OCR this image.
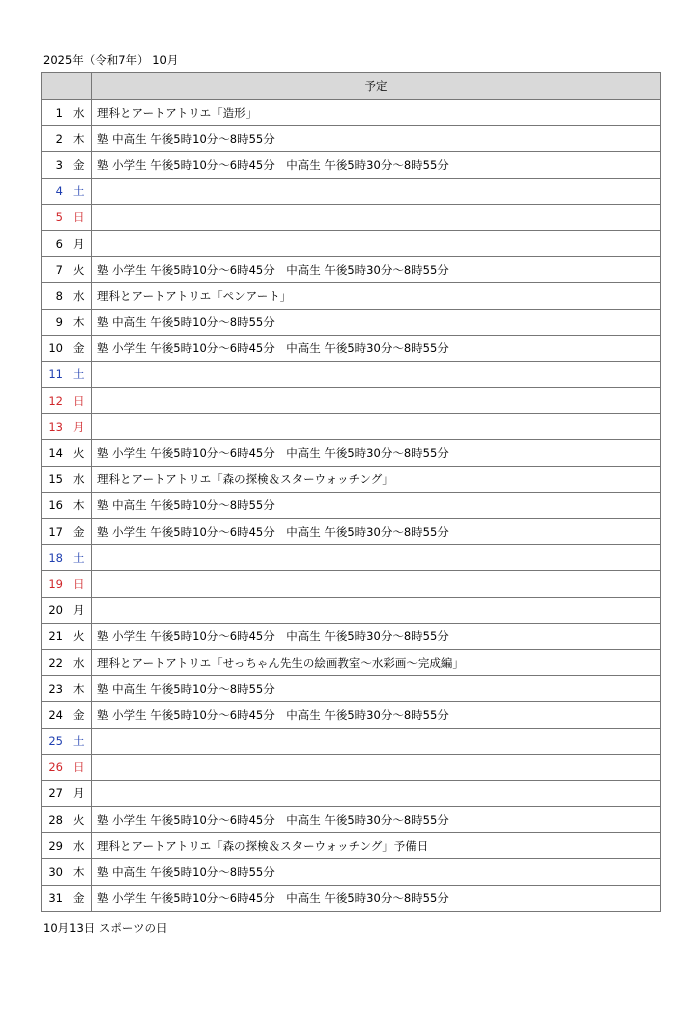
2025年（令和7年） 10月
	予定

1 水	理科とアートアトリエ「造形」

2 木	塾 中高生 午後5時10分～8時55分

3 金	塾 小学生 午後5時10分～6時45分　中高生 午後5時30分～8時55分

4 土	

5 日	

6 月	

7 火	塾 小学生 午後5時10分～6時45分　中高生 午後5時30分～8時55分

8 水	理科とアートアトリエ「ペンアート」

9 木	塾 中高生 午後5時10分～8時55分

10 金	塾 小学生 午後5時10分～6時45分　中高生 午後5時30分～8時55分

11 土	

12 日	

13 月	

14 火	塾 小学生 午後5時10分～6時45分　中高生 午後5時30分～8時55分

15 水	理科とアートアトリエ「森の探検＆スターウォッチング」

16 木	塾 中高生 午後5時10分～8時55分

17 金	塾 小学生 午後5時10分～6時45分　中高生 午後5時30分～8時55分

18 土	

19 日	

20 月	

21 火	塾 小学生 午後5時10分～6時45分　中高生 午後5時30分～8時55分

22 水	理科とアートアトリエ「せっちゃん先生の絵画教室～水彩画～完成編」

23 木	塾 中高生 午後5時10分～8時55分

24 金	塾 小学生 午後5時10分～6時45分　中高生 午後5時30分～8時55分

25 土	

26 日	

27 月	

28 火	塾 小学生 午後5時10分～6時45分　中高生 午後5時30分～8時55分

29 水	理科とアートアトリエ「森の探検＆スターウォッチング」予備日

30 木	塾 中高生 午後5時10分～8時55分

31 金	塾 小学生 午後5時10分～6時45分　中高生 午後5時30分～8時55分
10月13日 スポーツの日
